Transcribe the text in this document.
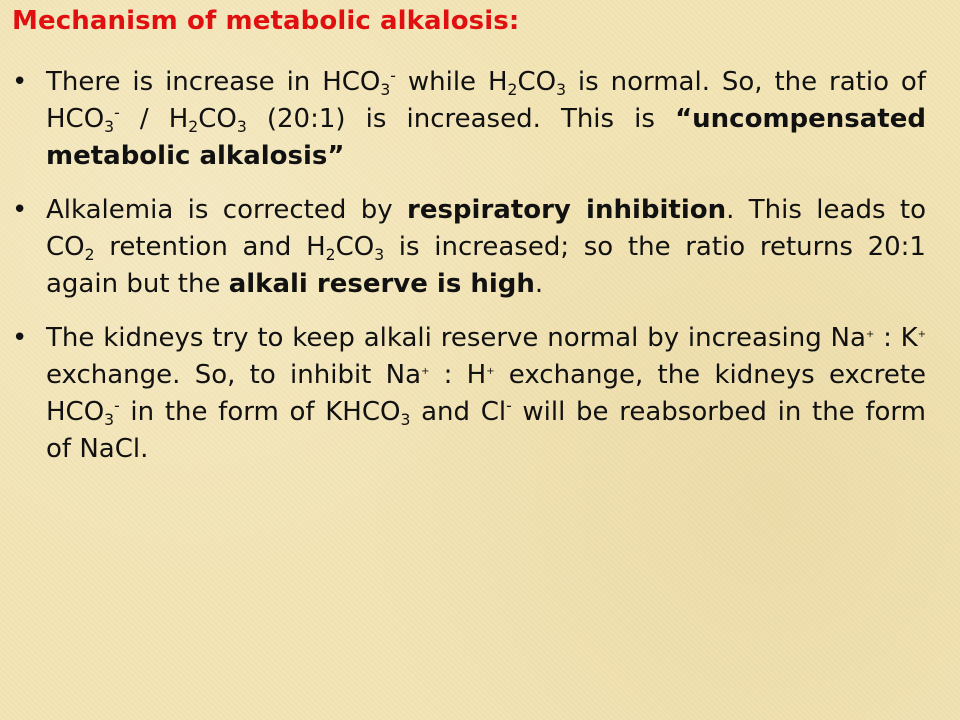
Mechanism of metabolic alkalosis:
• There is increase in $HCO_3^-$ while $H_2CO_3$ is normal. So, the ratio of $HCO_3^- / H_2CO_3$ (20:1) is increased. This is “uncompensated metabolic alkalosis”
• Alkalemia is corrected by respiratory inhibition. This leads to $CO_2$ retention and $H_2CO_3$ is increased; so the ratio returns 20:1 again but the alkali reserve is high.
• The kidneys try to keep alkali reserve normal by increasing Na+ : K+ exchange. So, to inhibit Na+ : H+ exchange, the kidneys excrete $HCO_3^-$ in the form of $KHCO_3$ and Cl- will be reabsorbed in the form of NaCl.
